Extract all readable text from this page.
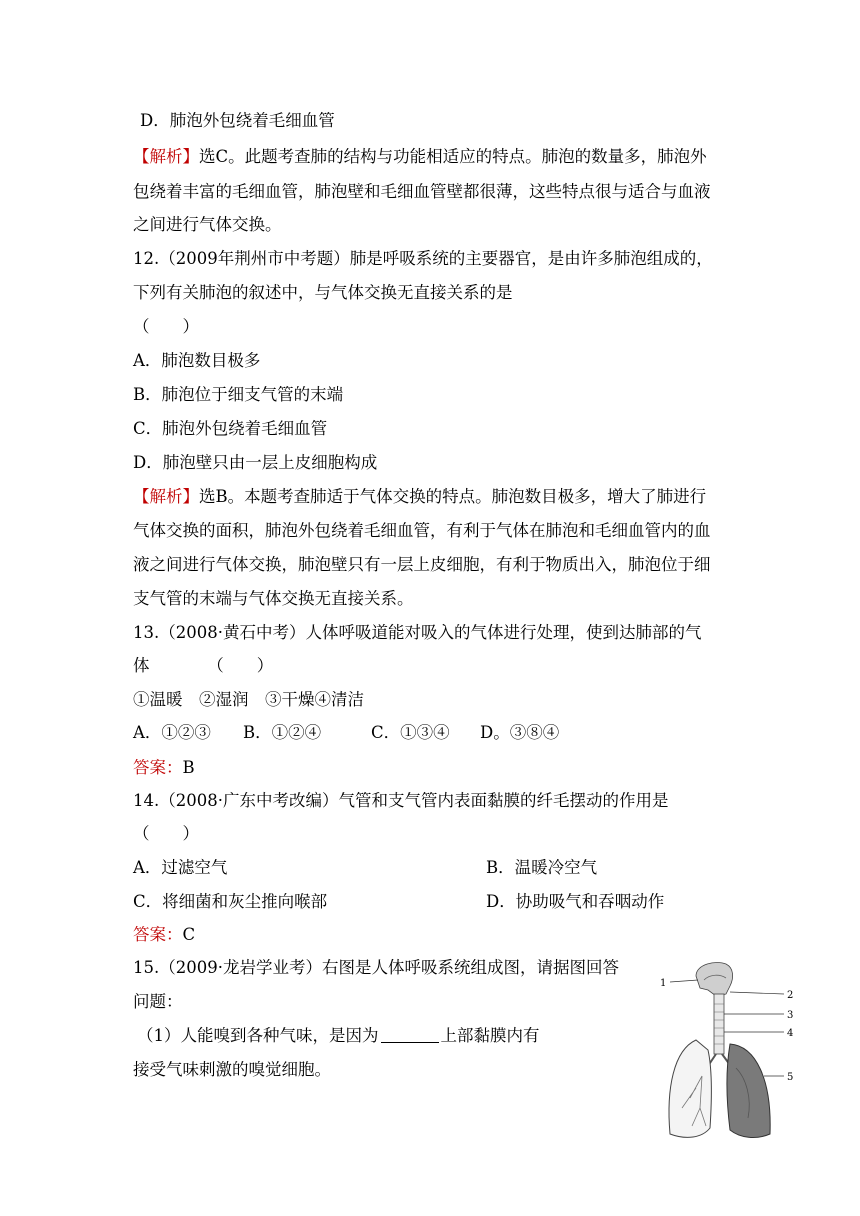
D．肺泡外包绕着毛细血管
【解析】选C。此题考查肺的结构与功能相适应的特点。肺泡的数量多，肺泡外
包绕着丰富的毛细血管，肺泡壁和毛细血管壁都很薄，这些特点很与适合与血液
之间进行气体交换。
12.（2009年荆州市中考题）肺是呼吸系统的主要器官，是由许多肺泡组成的，
下列有关肺泡的叙述中，与气体交换无直接关系的是
（　　）
A．肺泡数目极多
B．肺泡位于细支气管的末端
C．肺泡外包绕着毛细血管
D．肺泡壁只由一层上皮细胞构成
【解析】选B。本题考查肺适于气体交换的特点。肺泡数目极多，增大了肺进行
气体交换的面积，肺泡外包绕着毛细血管，有利于气体在肺泡和毛细血管内的血
液之间进行气体交换，肺泡壁只有一层上皮细胞，有利于物质出入，肺泡位于细
支气管的末端与气体交换无直接关系。
13.（2008·黄石中考）人体呼吸道能对吸入的气体进行处理，使到达肺部的气
体　　　　（　　）
①温暖　②湿润　③干燥④清洁
A．①②③ B．①②④	C．①③④ D。③⑧④
答案：B
14.（2008·广东中考改编）气管和支气管内表面黏膜的纤毛摆动的作用是
（　　）
A．过滤空气	B．温暖冷空气
C．将细菌和灰尘推向喉部	D．协助吸气和吞咽动作
答案：C
15.（2009·龙岩学业考）右图是人体呼吸系统组成图，请据图回答
问题：
（1）人能嗅到各种气味，是因为	上部黏膜内有
接受气味刺激的嗅觉细胞。
1
2
3
4
5
